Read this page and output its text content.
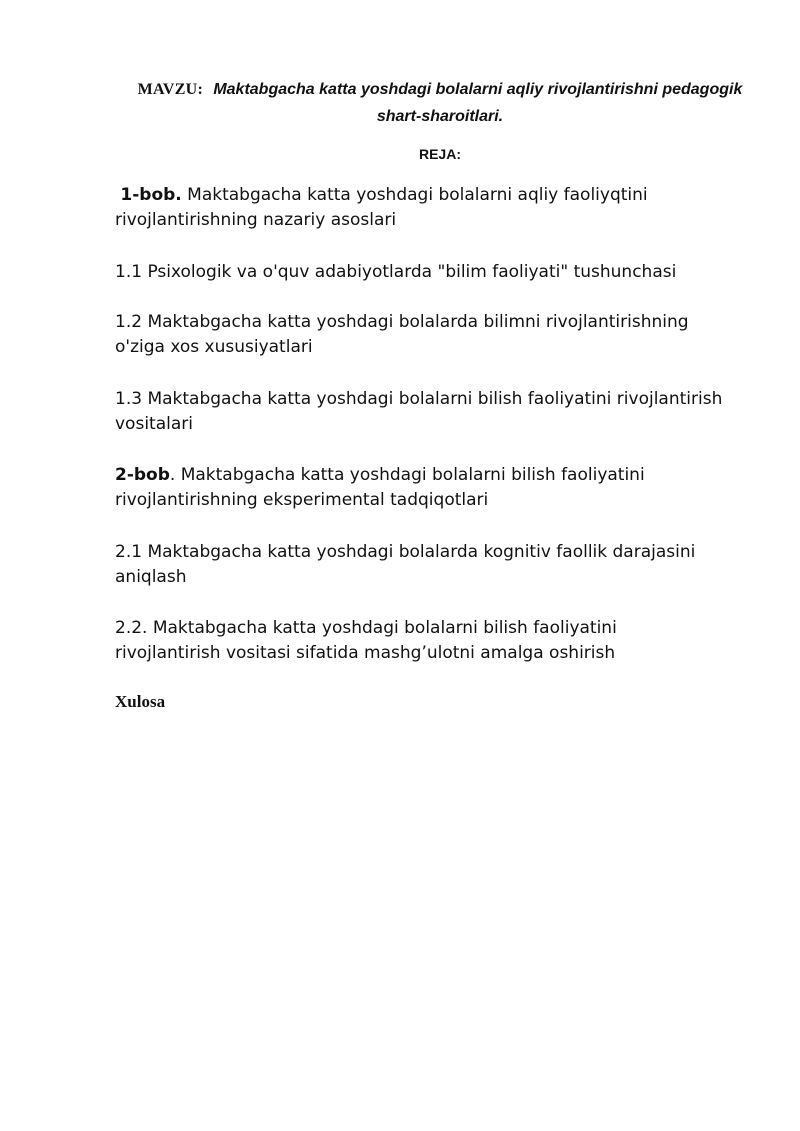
MAVZU: Maktabgacha katta yoshdagi bolalarni aqliy rivojlantirishni pedagogik shart-sharoitlari.
REJA:
1-bob. Maktabgacha katta yoshdagi bolalarni aqliy faoliyqtini rivojlantirishning nazariy asoslari
1.1 Psixologik va o'quv adabiyotlarda "bilim faoliyati" tushunchasi
1.2 Maktabgacha katta yoshdagi bolalarda bilimni rivojlantirishning o'ziga xos xususiyatlari
1.3 Maktabgacha katta yoshdagi bolalarni bilish faoliyatini rivojlantirish vositalari
2-bob. Maktabgacha katta yoshdagi bolalarni bilish faoliyatini rivojlantirishning eksperimental tadqiqotlari
2.1 Maktabgacha katta yoshdagi bolalarda kognitiv faollik darajasini aniqlash
2.2. Maktabgacha katta yoshdagi bolalarni bilish faoliyatini rivojlantirish vositasi sifatida mashg’ulotni amalga oshirish
Xulosa
